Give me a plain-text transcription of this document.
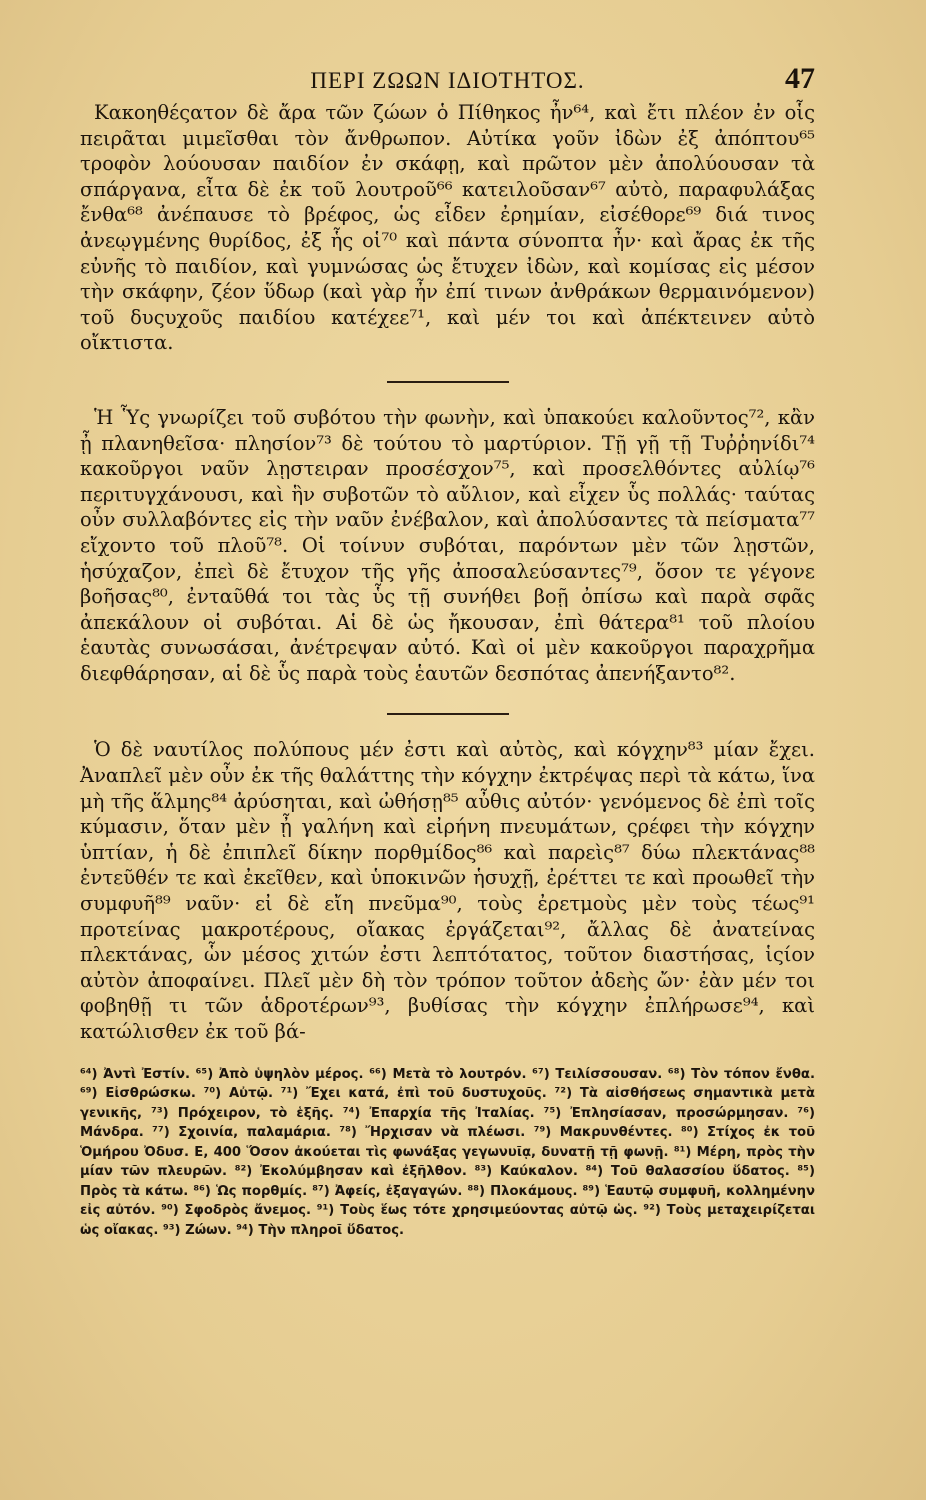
ΠΕΡΙ ΖΩΩΝ ΙΔΙΟΤΗΤΟΣ.	47

Κακοηθέςατον δὲ ἄρα τῶν ζώων ὁ Πίθηκος ἦν⁶⁴, καὶ ἔτι πλέον ἐν οἷς πειρᾶται μιμεῖσθαι τὸν ἄνθρωπον. Αὐτίκα γοῦν ἰδὼν ἐξ ἀπόπτου⁶⁵ τροφὸν λούουσαν παιδίον ἐν σκάφῃ, καὶ πρῶτον μὲν ἀπολύουσαν τὰ σπάργανα, εἶτα δὲ ἐκ τοῦ λουτροῦ⁶⁶ κατειλοῦσαν⁶⁷ αὐτὸ, παραφυλάξας ἔνθα⁶⁸ ἀνέπαυσε τὸ βρέφος, ὡς εἶδεν ἐρημίαν, εἰσέθορε⁶⁹ διά τινος ἀνεῳγμένης θυρίδος, ἐξ ἧς οἱ⁷⁰ καὶ πάντα σύνοπτα ἦν· καὶ ἄρας ἐκ τῆς εὐνῆς τὸ παιδίον, καὶ γυμνώσας ὡς ἔτυχεν ἰδὼν, καὶ κομίσας εἰς μέσον τὴν σκάφην, ζέον ὕδωρ (καὶ γὰρ ἦν ἐπί τινων ἀνθράκων θερμαινόμενον) τοῦ δυςυχοῦς παιδίου κατέχεε⁷¹, καὶ μέν τοι καὶ ἀπέκτεινεν αὐτὸ οἴκτιστα.

Ἡ Ὗς γνωρίζει τοῦ συβότου τὴν φωνὴν, καὶ ὑπακούει καλοῦντος⁷², κἂν ᾖ πλανηθεῖσα· πλησίον⁷³ δὲ τούτου τὸ μαρτύριον. Τῇ γῇ τῇ Τυῤῥηνίδι⁷⁴ κακοῦργοι ναῦν λῃστειραν προσέσχον⁷⁵, καὶ προσελθόντες αὐλίῳ⁷⁶ περιτυγχάνουσι, καὶ ἣν συβοτῶν τὸ αὔλιον, καὶ εἶχεν ὗς πολλάς· ταύτας οὖν συλλαβόντες εἰς τὴν ναῦν ἐνέβαλον, καὶ ἀπολύσαντες τὰ πείσματα⁷⁷ εἴχοντο τοῦ πλοῦ⁷⁸. Οἱ τοίνυν συβόται, παρόντων μὲν τῶν λῃστῶν, ἡσύχαζον, ἐπεὶ δὲ ἔτυχον τῆς γῆς ἀποσαλεύσαντες⁷⁹, ὅσον τε γέγονε βοῆσας⁸⁰, ἐνταῦθά τοι τὰς ὗς τῇ συνήθει βοῇ ὀπίσω καὶ παρὰ σφᾶς ἀπεκάλουν οἱ συβόται. Αἱ δὲ ὡς ἤκουσαν, ἐπὶ θάτερα⁸¹ τοῦ πλοίου ἑαυτὰς συνωσάσαι, ἀνέτρεψαν αὐτό. Καὶ οἱ μὲν κακοῦργοι παραχρῆμα διεφθάρησαν, αἱ δὲ ὗς παρὰ τοὺς ἑαυτῶν δεσπότας ἀπενήξαντο⁸².

Ὁ δὲ ναυτίλος πολύπους μέν ἐστι καὶ αὐτὸς, καὶ κόγχην⁸³ μίαν ἔχει. Ἀναπλεῖ μὲν οὖν ἐκ τῆς θαλάττης τὴν κόγχην ἐκτρέψας περὶ τὰ κάτω, ἵνα μὴ τῆς ἅλμης⁸⁴ ἀρύσηται, καὶ ὠθήσῃ⁸⁵ αὖθις αὐτόν· γενόμενος δὲ ἐπὶ τοῖς κύμασιν, ὅταν μὲν ᾖ γαλήνη καὶ εἰρήνη πνευμάτων, ςρέφει τὴν κόγχην ὑπτίαν, ἡ δὲ ἐπιπλεῖ δίκην πορθμίδος⁸⁶ καὶ παρεὶς⁸⁷ δύω πλεκτάνας⁸⁸ ἐντεῦθέν τε καὶ ἐκεῖθεν, καὶ ὑποκινῶν ἡσυχῇ, ἐρέττει τε καὶ προωθεῖ τὴν συμφυῆ⁸⁹ ναῦν· εἰ δὲ εἴη πνεῦμα⁹⁰, τοὺς ἐρετμοὺς μὲν τοὺς τέως⁹¹ προτείνας μακροτέρους, οἴακας ἐργάζεται⁹², ἄλλας δὲ ἀνατείνας πλεκτάνας, ὧν μέσος χιτών ἐστι λεπτότατος, τοῦτον διαστήσας, ἱςίον αὐτὸν ἀποφαίνει. Πλεῖ μὲν δὴ τὸν τρόπον τοῦτον ἀδεὴς ὤν· ἐὰν μέν τοι φοβηθῇ τι τῶν ἁδροτέρων⁹³, βυθίσας τὴν κόγχην ἐπλήρωσε⁹⁴, καὶ κατώλισθεν ἐκ τοῦ βά-

⁶⁴) Ἀντὶ Ἐστίν. ⁶⁵) Ἀπὸ ὑψηλὸν μέρος. ⁶⁶) Μετὰ τὸ λουτρόν. ⁶⁷) Τειλίσσουσαν. ⁶⁸) Τὸν τόπον ἔνθα. ⁶⁹) Εἰσθρώσκω. ⁷⁰) Αὐτῷ. ⁷¹) Ἔχει κατά, ἐπὶ τοῦ δυστυχοῦς. ⁷²) Τὰ αἰσθήσεως σημαντικὰ μετὰ γενικῆς, ⁷³) Πρόχειρον, τὸ ἑξῆς. ⁷⁴) Ἐπαρχία τῆς Ἰταλίας. ⁷⁵) Ἐπλησίασαν, προσώρμησαν. ⁷⁶) Μάνδρα. ⁷⁷) Σχοινία, παλαμάρια. ⁷⁸) Ἤρχισαν νὰ πλέωσι. ⁷⁹) Μακρυνθέντες. ⁸⁰) Στίχος ἐκ τοῦ Ὁμήρου Ὀδυσ. Ε, 400 Ὅσον ἀκούεται τὶς φωνάξας γεγωνυῖᾳ, δυνατῇ τῇ φωνῇ. ⁸¹) Μέρη, πρὸς τὴν μίαν τῶν πλευρῶν. ⁸²) Ἐκολύμβησαν καὶ ἐξῆλθον. ⁸³) Καύκαλον. ⁸⁴) Τοῦ θαλασσίου ὕδατος. ⁸⁵) Πρὸς τὰ κάτω. ⁸⁶) Ὡς πορθμίς. ⁸⁷) Ἀφείς, ἐξαγαγών. ⁸⁸) Πλοκάμους. ⁸⁹) Ἑαυτῷ συμφυῆ, κολλημένην εἰς αὐτόν. ⁹⁰) Σφοδρὸς ἄνεμος. ⁹¹) Τοὺς ἕως τότε χρησιμεύοντας αὐτῷ ὡς. ⁹²) Τοὺς μεταχειρίζεται ὡς οἴακας. ⁹³) Ζώων. ⁹⁴) Τὴν πληροῖ ὕδατος.
